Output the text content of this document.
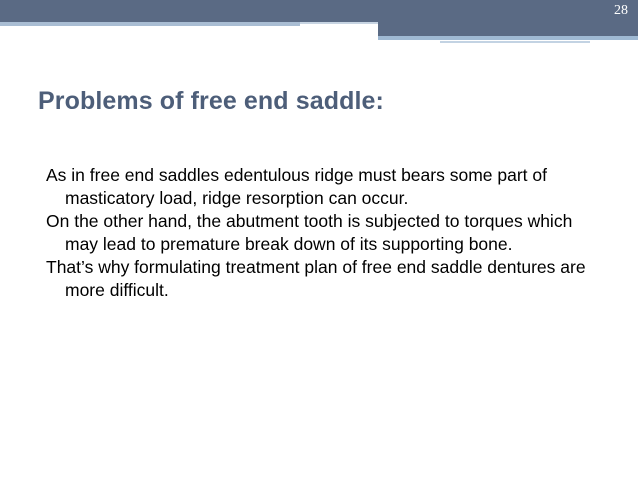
28
Problems of free end saddle:
As in free end saddles edentulous ridge must bears some part of masticatory load, ridge resorption can occur.
On the other hand, the abutment tooth is subjected to torques which may lead to premature break down of its supporting bone.
That’s why formulating treatment plan of free end saddle dentures are more difficult.
